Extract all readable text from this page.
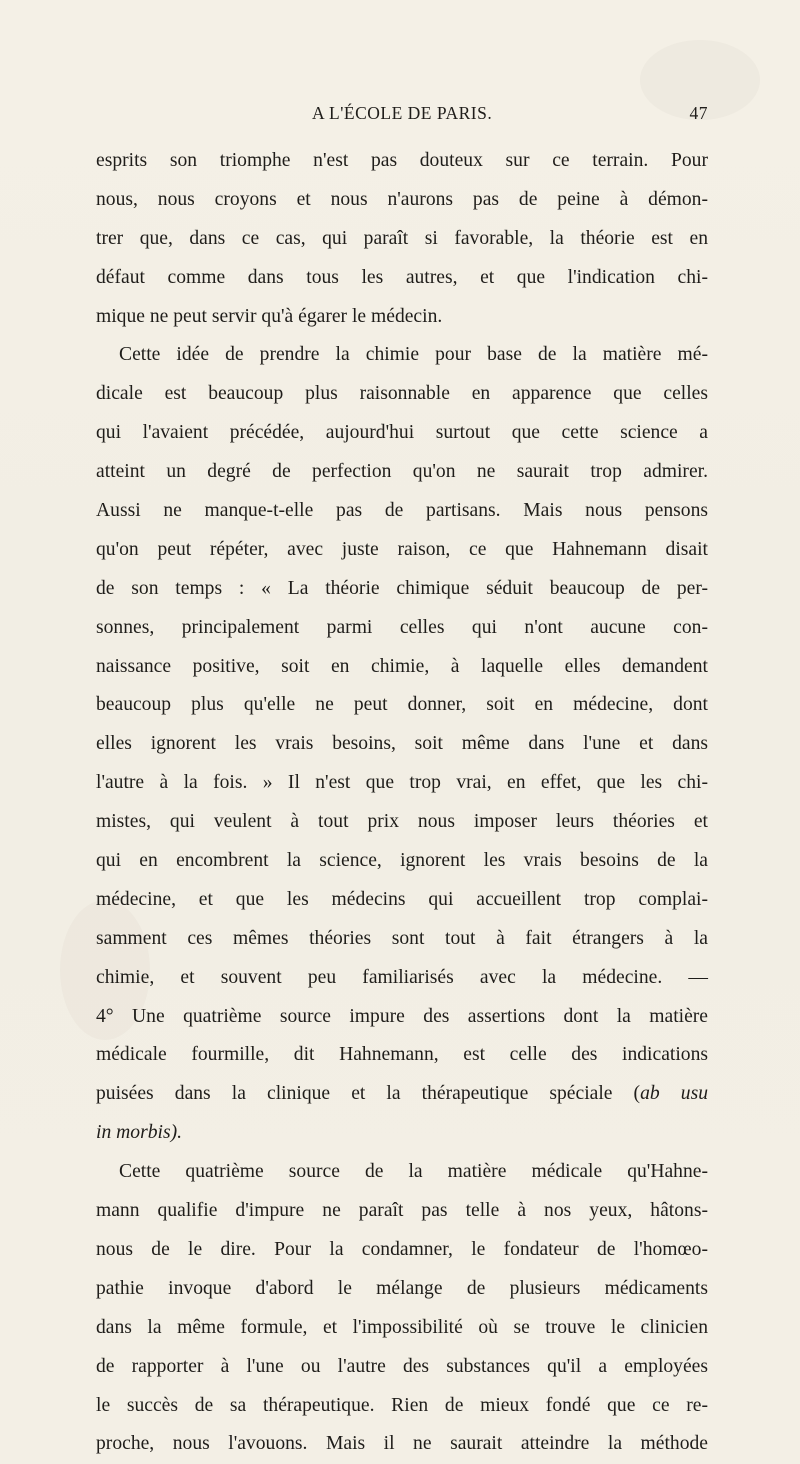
A L'ÉCOLE DE PARIS.	47
esprits son triomphe n'est pas douteux sur ce terrain. Pour
nous, nous croyons et nous n'aurons pas de peine à démon-
trer que, dans ce cas, qui paraît si favorable, la théorie est en
défaut comme dans tous les autres, et que l'indication chi-
mique ne peut servir qu'à égarer le médecin.
Cette idée de prendre la chimie pour base de la matière mé-
dicale est beaucoup plus raisonnable en apparence que celles
qui l'avaient précédée, aujourd'hui surtout que cette science a
atteint un degré de perfection qu'on ne saurait trop admirer.
Aussi ne manque-t-elle pas de partisans. Mais nous pensons
qu'on peut répéter, avec juste raison, ce que Hahnemann disait
de son temps : « La théorie chimique séduit beaucoup de per-
sonnes, principalement parmi celles qui n'ont aucune con-
naissance positive, soit en chimie, à laquelle elles demandent
beaucoup plus qu'elle ne peut donner, soit en médecine, dont
elles ignorent les vrais besoins, soit même dans l'une et dans
l'autre à la fois. » Il n'est que trop vrai, en effet, que les chi-
mistes, qui veulent à tout prix nous imposer leurs théories et
qui en encombrent la science, ignorent les vrais besoins de la
médecine, et que les médecins qui accueillent trop complai-
samment ces mêmes théories sont tout à fait étrangers à la
chimie, et souvent peu familiarisés avec la médecine. —
4° Une quatrième source impure des assertions dont la matière
médicale fourmille, dit Hahnemann, est celle des indications
puisées dans la clinique et la thérapeutique spéciale (ab usu
in morbis).
Cette quatrième source de la matière médicale qu'Hahne-
mann qualifie d'impure ne paraît pas telle à nos yeux, hâtons-
nous de le dire. Pour la condamner, le fondateur de l'homœo-
pathie invoque d'abord le mélange de plusieurs médicaments
dans la même formule, et l'impossibilité où se trouve le clinicien
de rapporter à l'une ou l'autre des substances qu'il a employées
le succès de sa thérapeutique. Rien de mieux fondé que ce re-
proche, nous l'avouons. Mais il ne saurait atteindre la méthode
